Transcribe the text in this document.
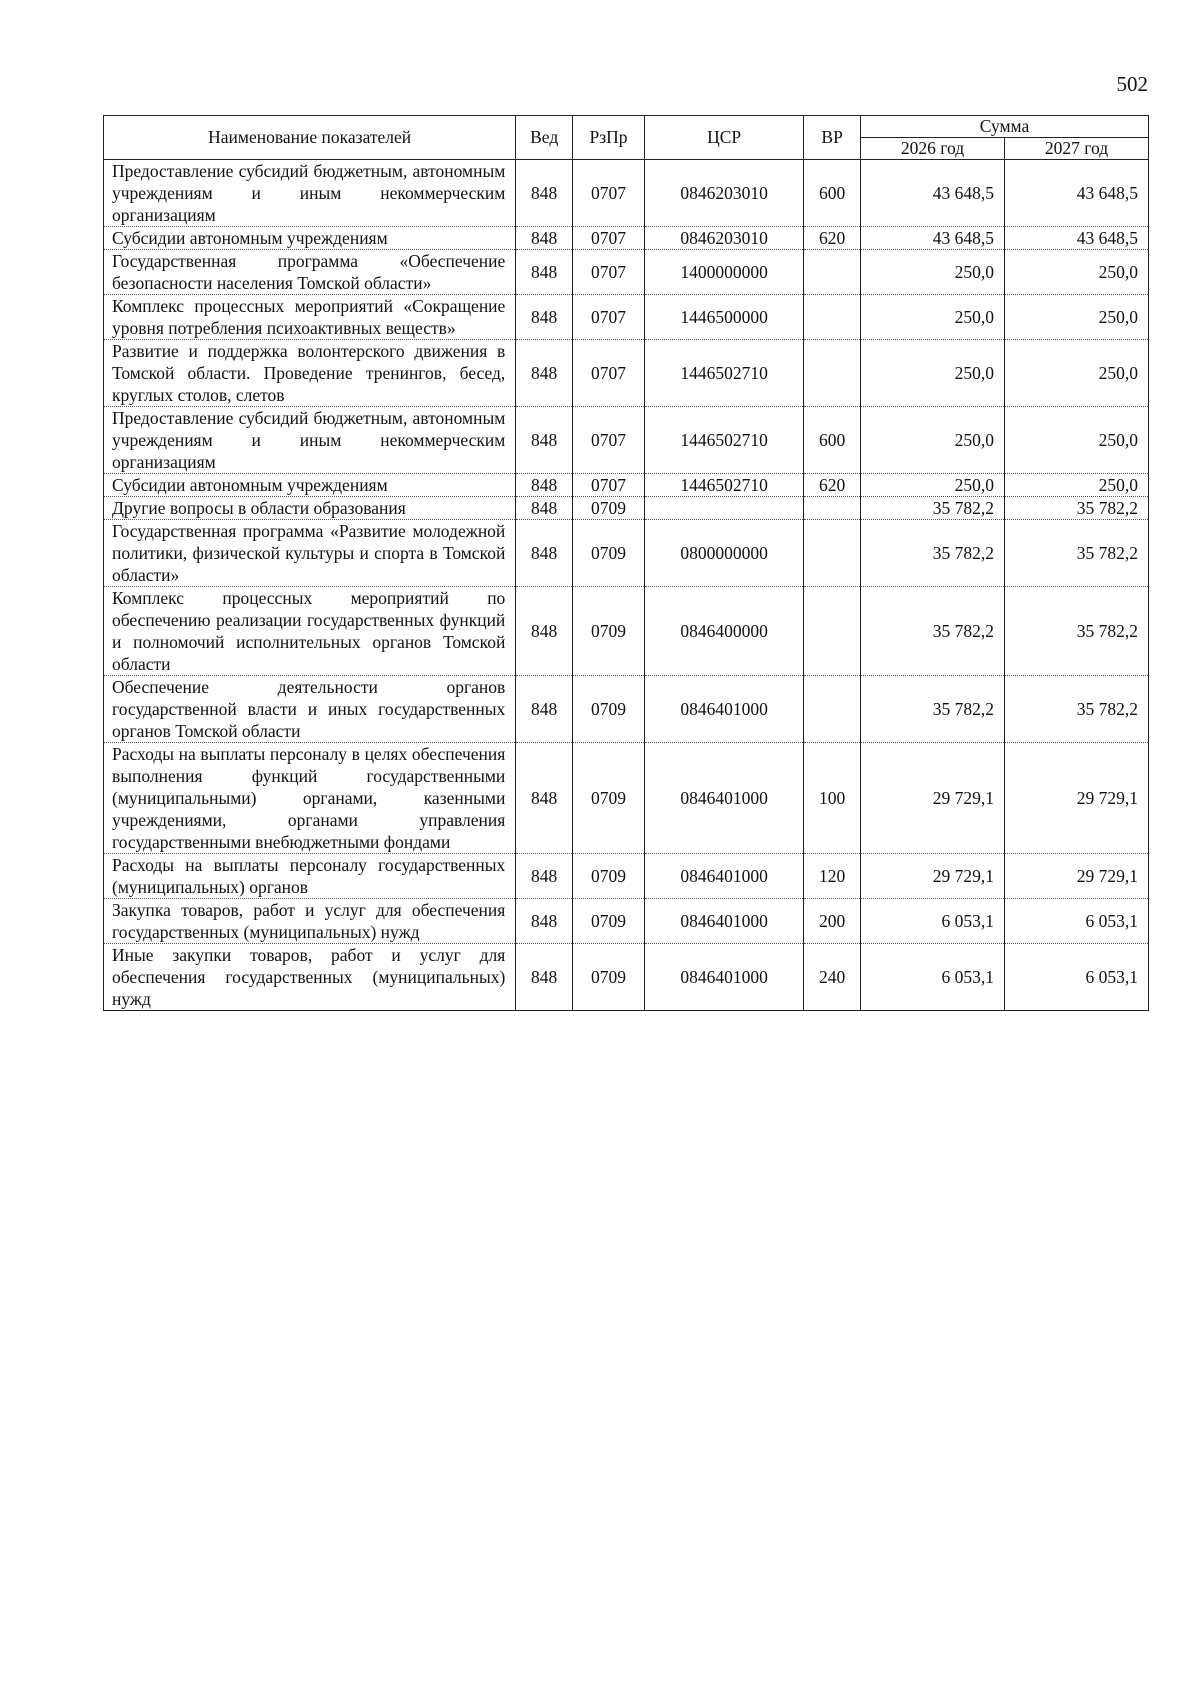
502
Наименование показателей	Вед	РзПр	ЦСР	ВР	Сумма	
					2026 год	2027 год
Предоставление субсидий бюджетным, автономным учреждениям и иным некоммерческим организациям	848	0707	0846203010	600	43 648,5	43 648,5
Субсидии автономным учреждениям	848	0707	0846203010	620	43 648,5	43 648,5
Государственная программа «Обеспечение безопасности населения Томской области»	848	0707	1400000000		250,0	250,0
Комплекс процессных мероприятий «Сокращение уровня потребления психоактивных веществ»	848	0707	1446500000		250,0	250,0
Развитие и поддержка волонтерского движения в Томской области. Проведение тренингов, бесед, круглых столов, слетов	848	0707	1446502710		250,0	250,0
Предоставление субсидий бюджетным, автономным учреждениям и иным некоммерческим организациям	848	0707	1446502710	600	250,0	250,0
Субсидии автономным учреждениям	848	0707	1446502710	620	250,0	250,0
Другие вопросы в области образования	848	0709			35 782,2	35 782,2
Государственная программа «Развитие молодежной политики, физической культуры и спорта в Томской области»	848	0709	0800000000		35 782,2	35 782,2
Комплекс процессных мероприятий по обеспечению реализации государственных функций и полномочий исполнительных органов Томской области	848	0709	0846400000		35 782,2	35 782,2
Обеспечение деятельности органов государственной власти и иных государственных органов Томской области	848	0709	0846401000		35 782,2	35 782,2
Расходы на выплаты персоналу в целях обеспечения выполнения функций государственными (муниципальными) органами, казенными учреждениями, органами управления государственными внебюджетными фондами	848	0709	0846401000	100	29 729,1	29 729,1
Расходы на выплаты персоналу государственных (муниципальных) органов	848	0709	0846401000	120	29 729,1	29 729,1
Закупка товаров, работ и услуг для обеспечения государственных (муниципальных) нужд	848	0709	0846401000	200	6 053,1	6 053,1
Иные закупки товаров, работ и услуг для обеспечения государственных (муниципальных) нужд	848	0709	0846401000	240	6 053,1	6 053,1
